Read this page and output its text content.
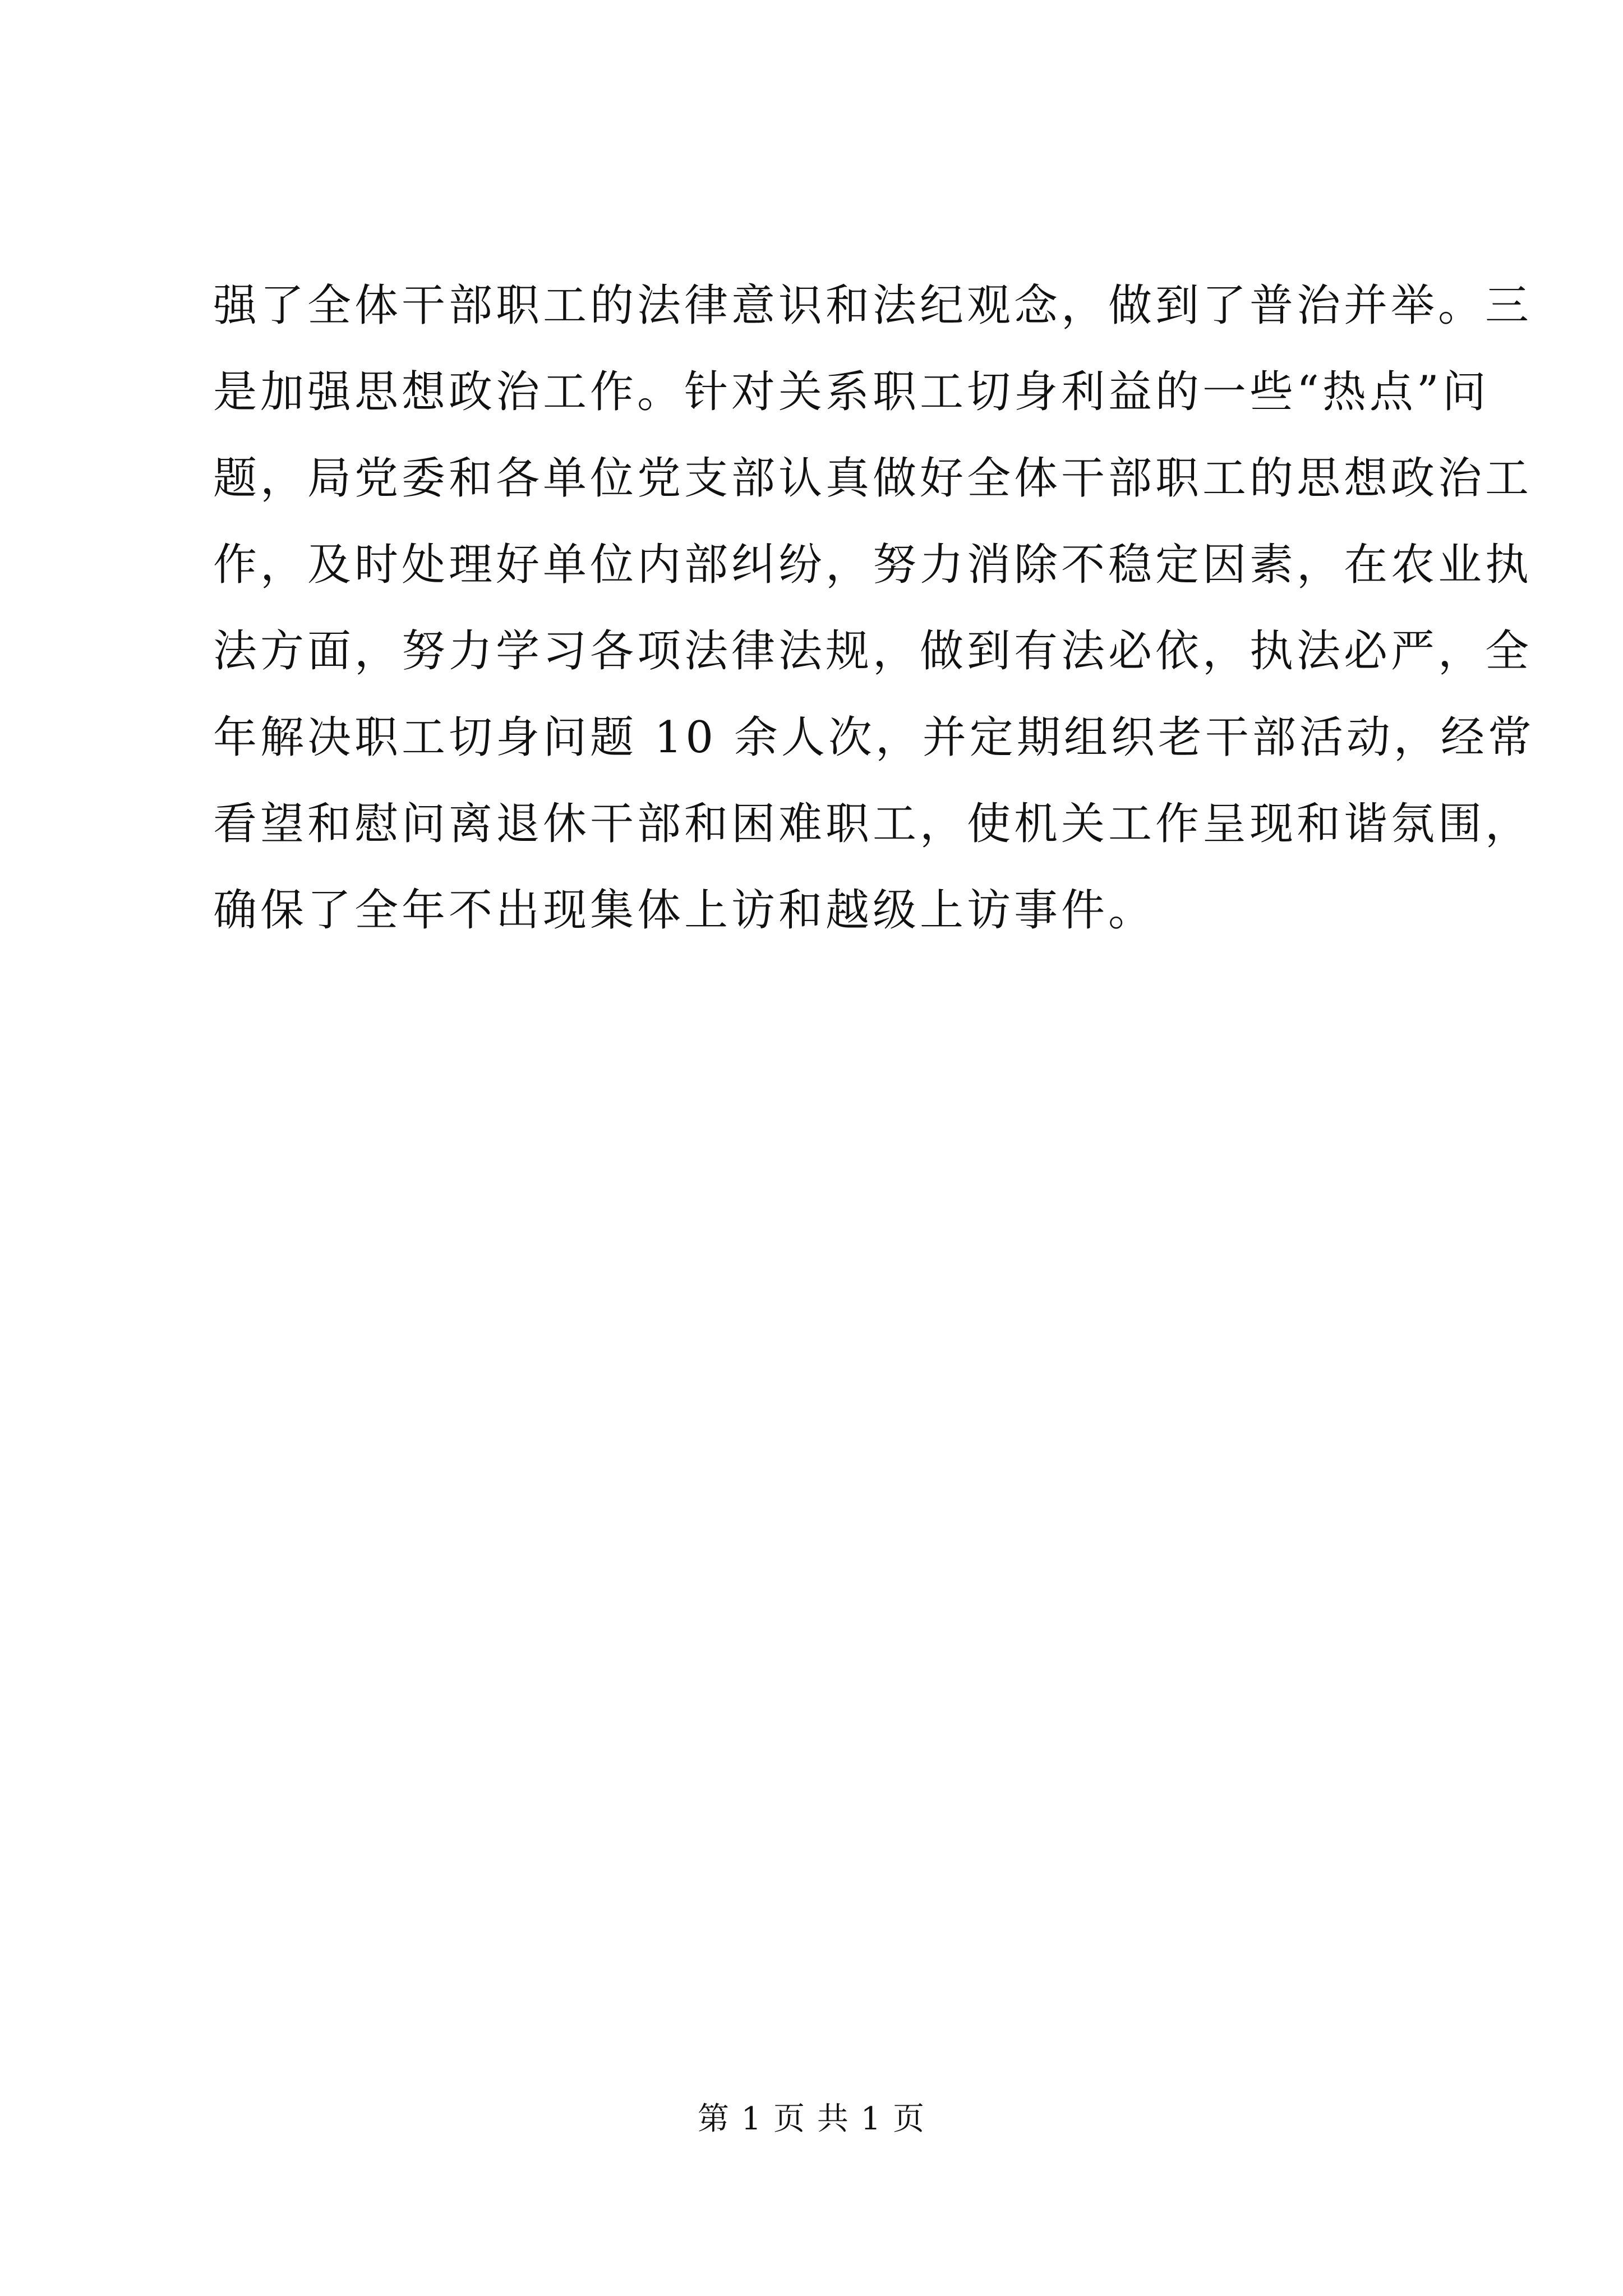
强了全体干部职工的法律意识和法纪观念，做到了普治并举。三
是加强思想政治工作。针对关系职工切身利益的一些“热点”问
题，局党委和各单位党支部认真做好全体干部职工的思想政治工
作，及时处理好单位内部纠纷，努力消除不稳定因素，在农业执
法方面，努力学习各项法律法规，做到有法必依，执法必严，全
年解决职工切身问题 10 余人次，并定期组织老干部活动，经常
看望和慰问离退休干部和困难职工，使机关工作呈现和谐氛围，
确保了全年不出现集体上访和越级上访事件。
第 1 页 共 1 页
